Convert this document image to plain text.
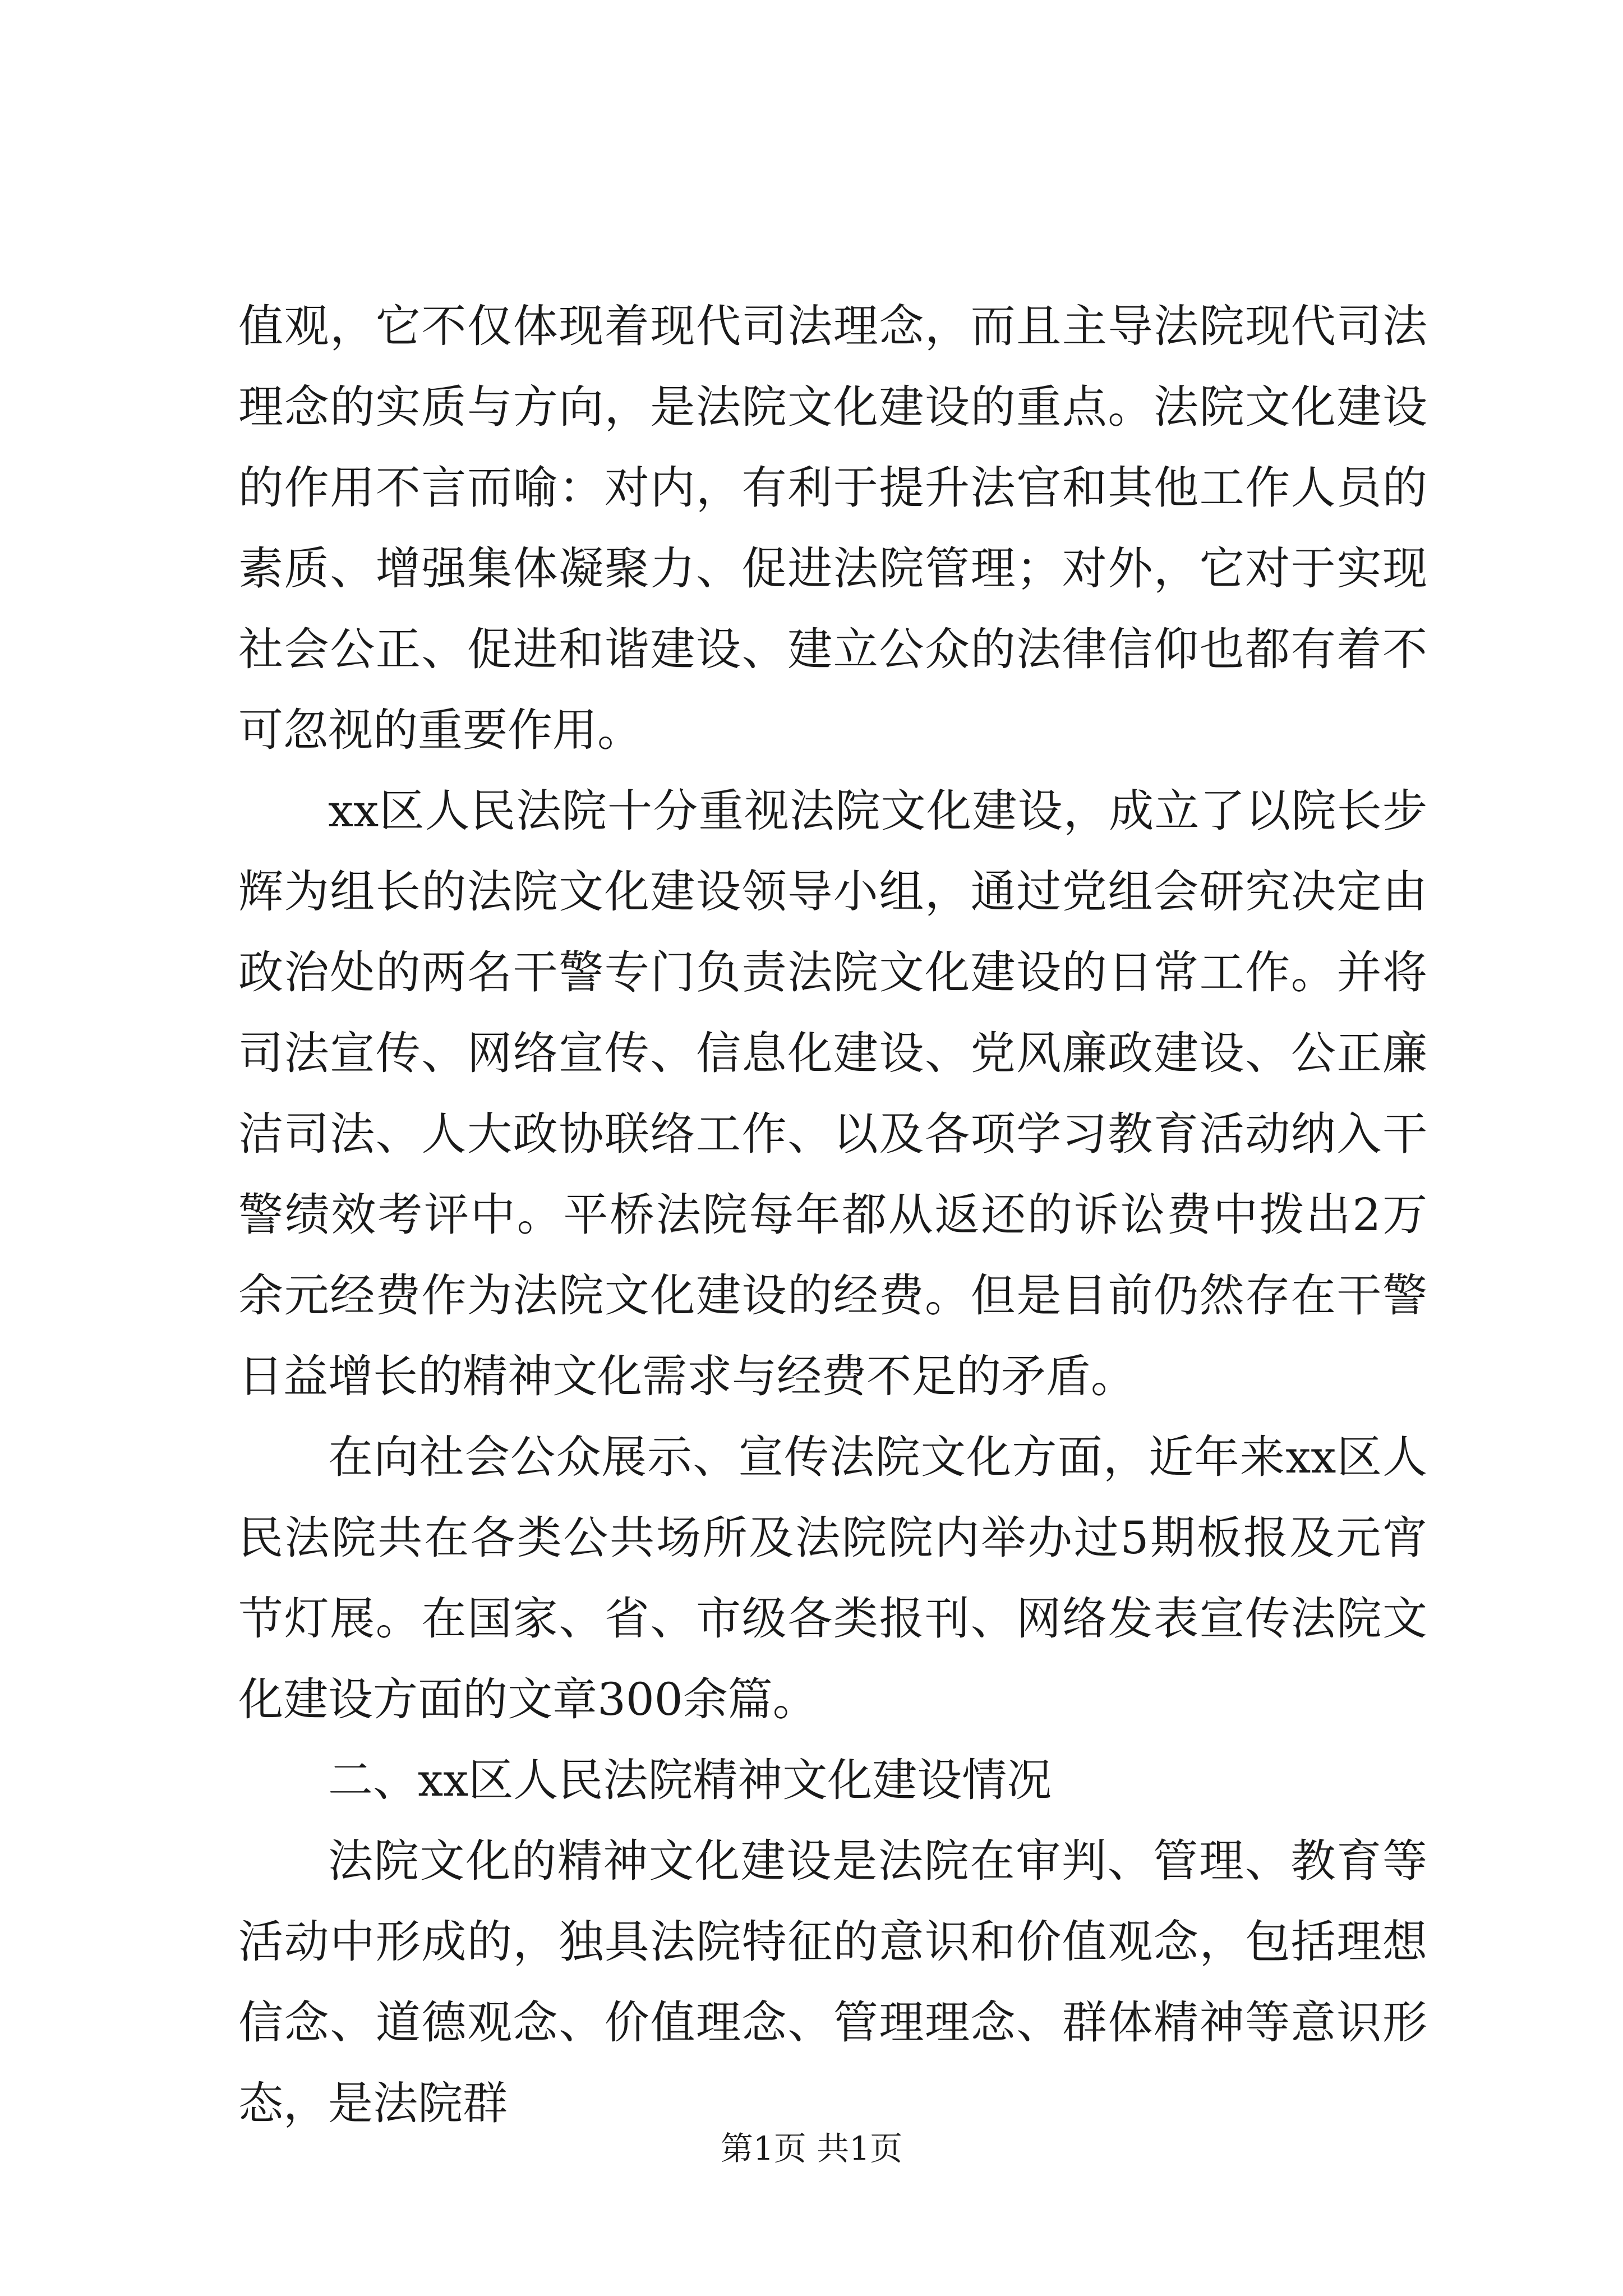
值观，它不仅体现着现代司法理念，而且主导法院现代司法理念的实质与方向，是法院文化建设的重点。法院文化建设的作用不言而喻：对内，有利于提升法官和其他工作人员的素质、增强集体凝聚力、促进法院管理；对外，它对于实现社会公正、促进和谐建设、建立公众的法律信仰也都有着不可忽视的重要作用。

xx区人民法院十分重视法院文化建设，成立了以院长步辉为组长的法院文化建设领导小组，通过党组会研究决定由政治处的两名干警专门负责法院文化建设的日常工作。并将司法宣传、网络宣传、信息化建设、党风廉政建设、公正廉洁司法、人大政协联络工作、以及各项学习教育活动纳入干警绩效考评中。平桥法院每年都从返还的诉讼费中拨出2万余元经费作为法院文化建设的经费。但是目前仍然存在干警日益增长的精神文化需求与经费不足的矛盾。

在向社会公众展示、宣传法院文化方面，近年来xx区人民法院共在各类公共场所及法院院内举办过5期板报及元宵节灯展。在国家、省、市级各类报刊、网络发表宣传法院文化建设方面的文章300余篇。

二、xx区人民法院精神文化建设情况

法院文化的精神文化建设是法院在审判、管理、教育等活动中形成的，独具法院特征的意识和价值观念，包括理想信念、道德观念、价值理念、管理理念、群体精神等意识形态，是法院群

第1页 共1页
